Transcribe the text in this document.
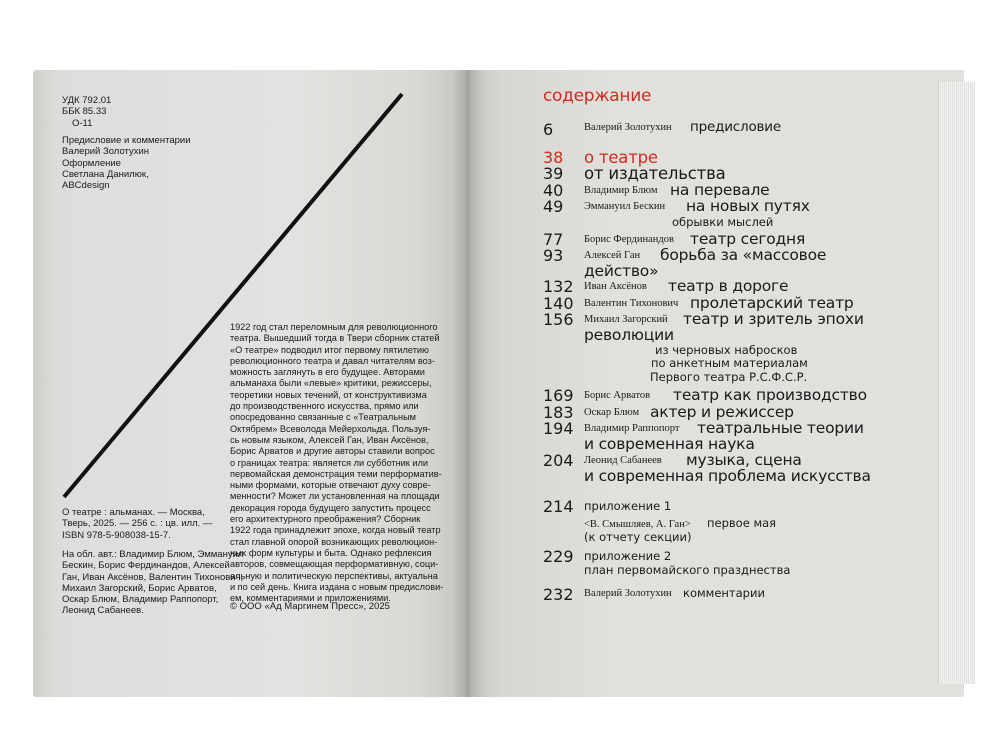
УДК 792.01
ББК 85.33
О-11
Предисловие и комментарии
Валерий Золотухин
Оформление
Светлана Данилюк,
ABCdesign
О театре : альманах. — Москва,
Тверь, 2025. — 256 с. : цв. илл. —
ISBN 978-5-908038-15-7.
На обл. авт.: Владимир Блюм, Эммануил
Бескин, Борис Фердинандов, Алексей
Ган, Иван Аксёнов, Валентин Тихонович,
Михаил Загорский, Борис Арватов,
Оскар Блюм, Владимир Раппопорт,
Леонид Сабанеев.
1922 год стал переломным для революционного
театра. Вышедший тогда в Твери сборник статей
«О театре» подводил итог первому пятилетию
революционного театра и давал читателям воз-
можность заглянуть в его будущее. Авторами
альманаха были «левые» критики, режиссеры,
теоретики новых течений, от конструктивизма
до производственного искусства, прямо или
опосредованно связанные с «Театральным
Октябрем» Всеволода Мейерхольда. Пользуя-
сь новым языком, Алексей Ган, Иван Аксёнов,
Борис Арватов и другие авторы ставили вопрос
о границах театра: является ли субботник или
первомайская демонстрация теми перформатив-
ными формами, которые отвечают духу совре-
менности? Может ли установленная на площади
декорация города будущего запустить процесс
его архитектурного преображения? Сборник
1922 года принадлежит эпохе, когда новый театр
стал главной опорой возникающих революцион-
ных форм культуры и быта. Однако рефлексия
авторов, совмещающая перформативную, соци-
альную и политическую перспективы, актуальна
и по сей день. Книга издана с новым предислови-
ем, комментариями и приложениями.
© ООО «Ад Маргинем Пресс», 2025
содержание
6	Валерий Золотухин предисловие
38 о театре
39 от издательства
40 Владимир Блюм на перевале
49 Эммануил Бескин на новых путях
обрывки мыслей
77 Борис Фердинандов театр сегодня
93 Алексей Ган борьба за «массовое
действо»
132 Иван Аксёнов театр в дороге
140 Валентин Тихонович пролетарский театр
156 Михаил Загорский театр и зритель эпохи
революции
из черновых набросков
по анкетным материалам
Первого театра Р.С.Ф.С.Р.
169 Борис Арватов театр как производство
183 Оскар Блюм актер и режиссер
194 Владимир Раппопорт театральные теории
и современная наука
204 Леонид Сабанеев музыка, сцена
и современная проблема искусства
214 приложение 1
<В. Смышляев, А. Ган> первое мая
(к отчету секции)
229 приложение 2
план первомайского празднества
232 Валерий Золотухин комментарии
